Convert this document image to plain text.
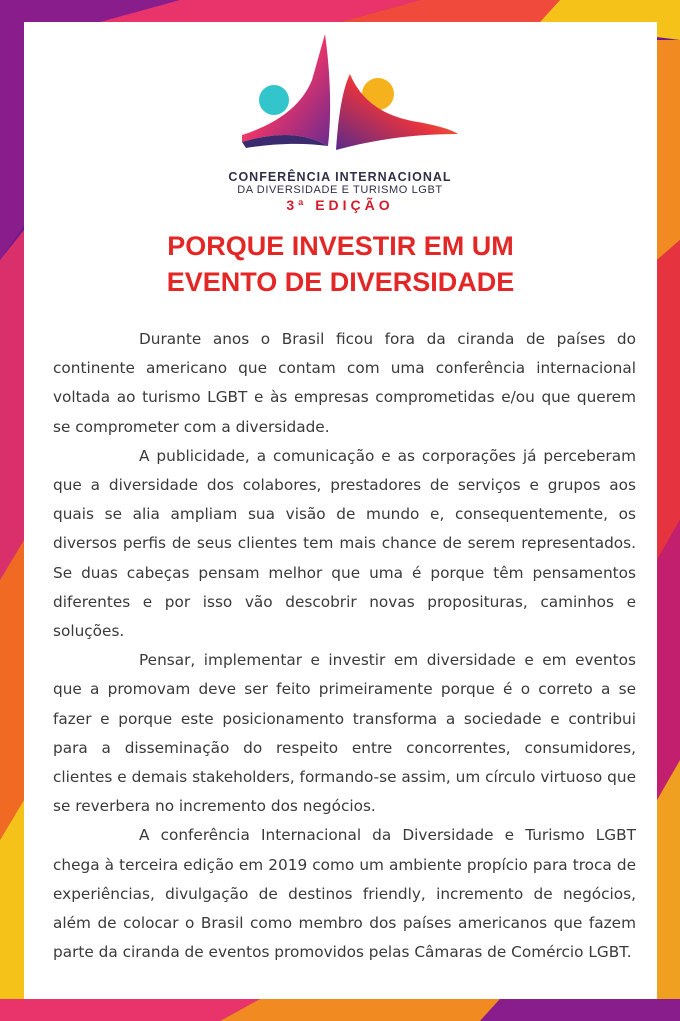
CONFERÊNCIA INTERNACIONAL
DA DIVERSIDADE E TURISMO LGBT
3ª EDIÇÃO
PORQUE INVESTIR EM UM
EVENTO DE DIVERSIDADE

Durante anos o Brasil ficou fora da ciranda de países do continente americano que contam com uma conferência internacional voltada ao turismo LGBT e às empresas comprometidas e/ou que querem se comprometer com a diversidade.

A publicidade, a comunicação e as corporações já perceberam que a diversidade dos colabores, prestadores de serviços e grupos aos quais se alia ampliam sua visão de mundo e, consequentemente, os diversos perfis de seus clientes tem mais chance de serem representados. Se duas cabeças pensam melhor que uma é porque têm pensamentos diferentes e por isso vão descobrir novas proposituras, caminhos e soluções.

Pensar, implementar e investir em diversidade e em eventos que a promovam deve ser feito primeiramente porque é o correto a se fazer e porque este posicionamento transforma a sociedade e contribui para a disseminação do respeito entre concorrentes, consumidores, clientes e demais stakeholders, formando-se assim, um círculo virtuoso que se reverbera no incremento dos negócios.

A conferência Internacional da Diversidade e Turismo LGBT chega à terceira edição em 2019 como um ambiente propício para troca de experiências, divulgação de destinos friendly, incremento de negócios, além de colocar o Brasil como membro dos países americanos que fazem parte da ciranda de eventos promovidos pelas Câmaras de Comércio LGBT.
